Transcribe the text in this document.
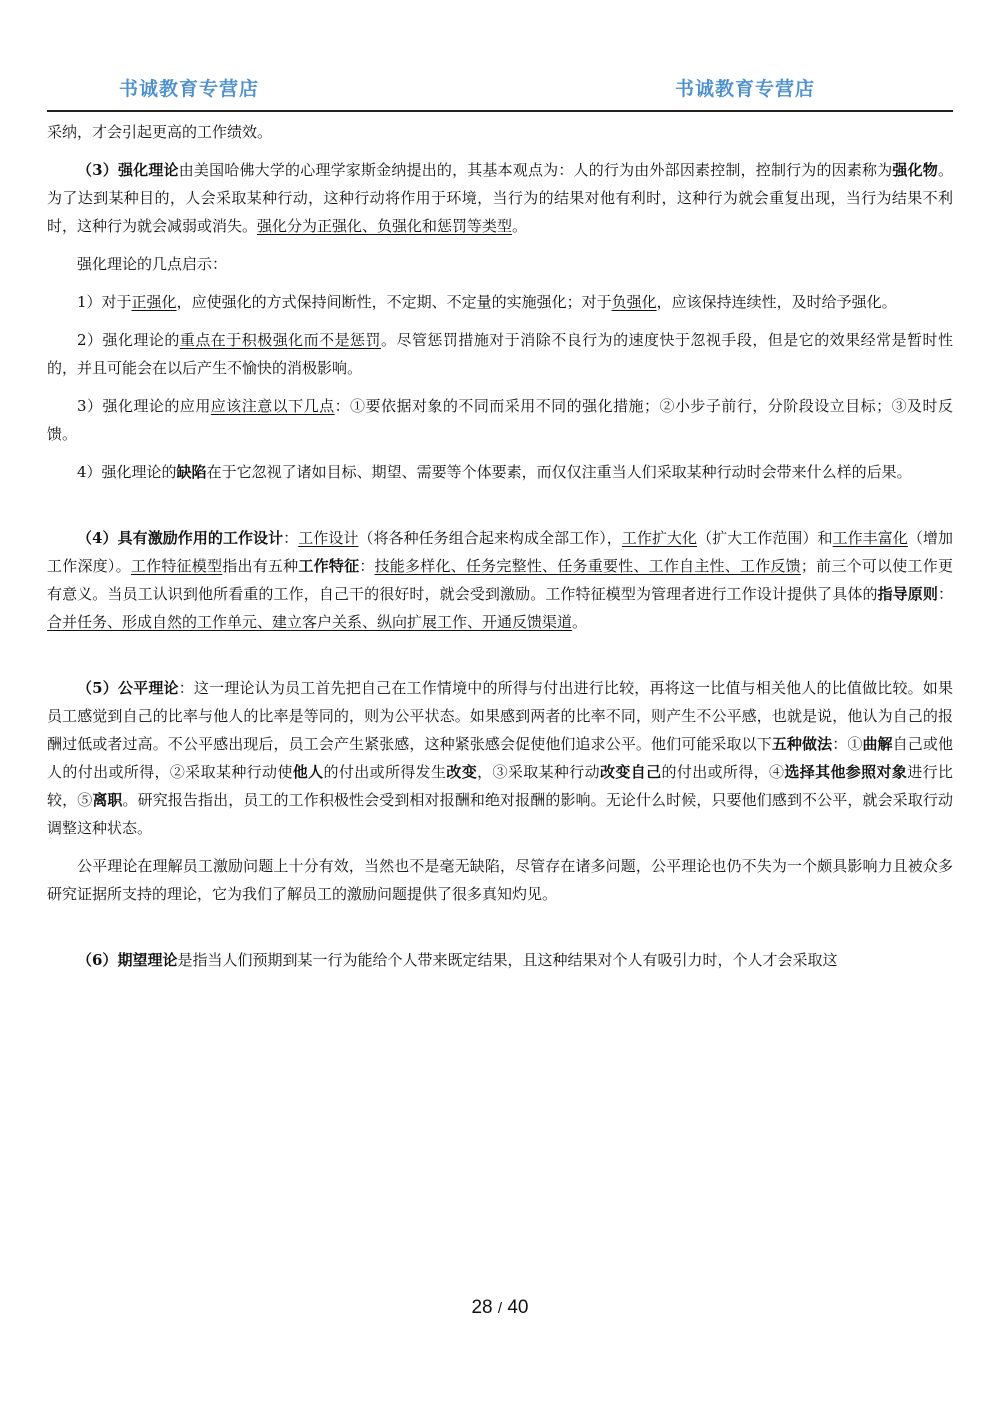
书诚教育专营店	书诚教育专营店

采纳，才会引起更高的工作绩效。

（3）强化理论由美国哈佛大学的心理学家斯金纳提出的，其基本观点为：人的行为由外部因素控制，控制行为的因素称为强化物。为了达到某种目的，人会采取某种行动，这种行动将作用于环境，当行为的结果对他有利时，这种行为就会重复出现，当行为结果不利时，这种行为就会减弱或消失。强化分为正强化、负强化和惩罚等类型。

强化理论的几点启示：

1）对于正强化，应使强化的方式保持间断性，不定期、不定量的实施强化；对于负强化，应该保持连续性，及时给予强化。

2）强化理论的重点在于积极强化而不是惩罚。尽管惩罚措施对于消除不良行为的速度快于忽视手段，但是它的效果经常是暂时性的，并且可能会在以后产生不愉快的消极影响。

3）强化理论的应用应该注意以下几点：①要依据对象的不同而采用不同的强化措施；②小步子前行，分阶段设立目标；③及时反馈。

4）强化理论的缺陷在于它忽视了诸如目标、期望、需要等个体要素，而仅仅注重当人们采取某种行动时会带来什么样的后果。

（4）具有激励作用的工作设计：工作设计（将各种任务组合起来构成全部工作），工作扩大化（扩大工作范围）和工作丰富化（增加工作深度）。工作特征模型指出有五种工作特征：技能多样化、任务完整性、任务重要性、工作自主性、工作反馈；前三个可以使工作更有意义。当员工认识到他所看重的工作，自己干的很好时，就会受到激励。工作特征模型为管理者进行工作设计提供了具体的指导原则：合并任务、形成自然的工作单元、建立客户关系、纵向扩展工作、开通反馈渠道。

（5）公平理论：这一理论认为员工首先把自己在工作情境中的所得与付出进行比较，再将这一比值与相关他人的比值做比较。如果员工感觉到自己的比率与他人的比率是等同的，则为公平状态。如果感到两者的比率不同，则产生不公平感，也就是说，他认为自己的报酬过低或者过高。不公平感出现后，员工会产生紧张感，这种紧张感会促使他们追求公平。他们可能采取以下五种做法：①曲解自己或他人的付出或所得，②采取某种行动使他人的付出或所得发生改变，③采取某种行动改变自己的付出或所得，④选择其他参照对象进行比较，⑤离职。研究报告指出，员工的工作积极性会受到相对报酬和绝对报酬的影响。无论什么时候，只要他们感到不公平，就会采取行动调整这种状态。

公平理论在理解员工激励问题上十分有效，当然也不是毫无缺陷，尽管存在诸多问题，公平理论也仍不失为一个颇具影响力且被众多研究证据所支持的理论，它为我们了解员工的激励问题提供了很多真知灼见。

（6）期望理论是指当人们预期到某一行为能给个人带来既定结果，且这种结果对个人有吸引力时，个人才会采取这

28 / 40
